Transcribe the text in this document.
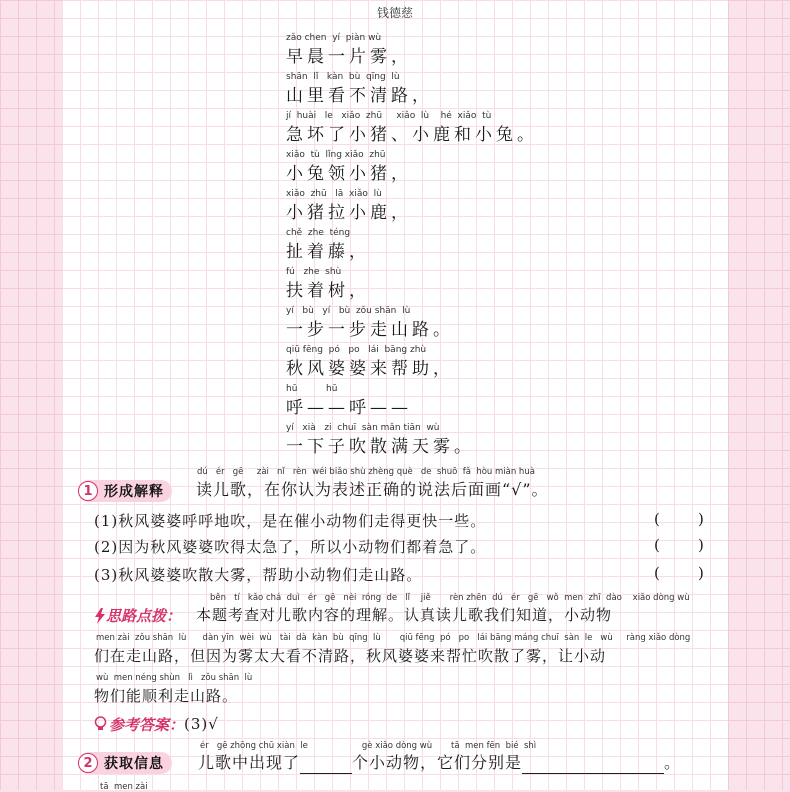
钱德慈
zǎo chen  yí  piàn wù
早晨一片雾，
shān  lǐ   kàn  bù  qīng  lù
山里看不清路，
jí  huài   le   xiǎo  zhū     xiǎo  lù    hé  xiǎo  tù
急坏了小猪、小鹿和小兔。
xiǎo  tù  lǐng xiǎo  zhū
小兔领小猪，
xiǎo  zhū   lā  xiǎo  lù
小猪拉小鹿，
chě  zhe  téng
扯着藤，
fú   zhe  shù
扶着树，
yí   bù   yí   bù  zǒu shān  lù
一步一步走山路。
qiū fēng  pó   po   lái  bāng zhù
秋风婆婆来帮助，
hū          hū
呼——呼——
yí   xià   zi  chuī  sàn mǎn tiān  wù
一下子吹散满天雾。
1 形成解释
dú   ér   gē     zài   nǐ   rèn  wéi biǎo shù zhèng què   de  shuō  fǎ  hòu miàn huà
读儿歌，在你认为表述正确的说法后面画“√”。
(1)秋风婆婆呼呼地吹，是在催小动物们走得更快一些。	(        )
(2)因为秋风婆婆吹得太急了，所以小动物们都着急了。	(        )
(3)秋风婆婆吹散大雾，帮助小动物们走山路。	(        )
思路点拨：
běn   tí   kǎo chá  duì   ér   gē   nèi  róng  de   lǐ    jiě       rèn zhēn  dú   ér   gē   wǒ  men  zhī  dào    xiǎo dòng wù
本题考查对儿歌内容的理解。认真读儿歌我们知道，小动物
men zài  zǒu shān  lù      dàn yīn  wèi  wù   tài  dà  kàn  bù  qīng  lù       qiū fēng  pó   po   lái bāng máng chuī  sàn  le   wù     ràng xiǎo dòng
们在走山路，但因为雾太大看不清路，秋风婆婆来帮忙吹散了雾，让小动
wù  men néng shùn   lì   zǒu shān  lù
物们能顺利走山路。
参考答案： (3)√
2 获取信息
ér   gē zhōng chū xiàn  le                    gè xiǎo dòng wù       tā  men fēn  bié  shì
儿歌中出现了	个小动物，它们分别是	。
tā  men zài
